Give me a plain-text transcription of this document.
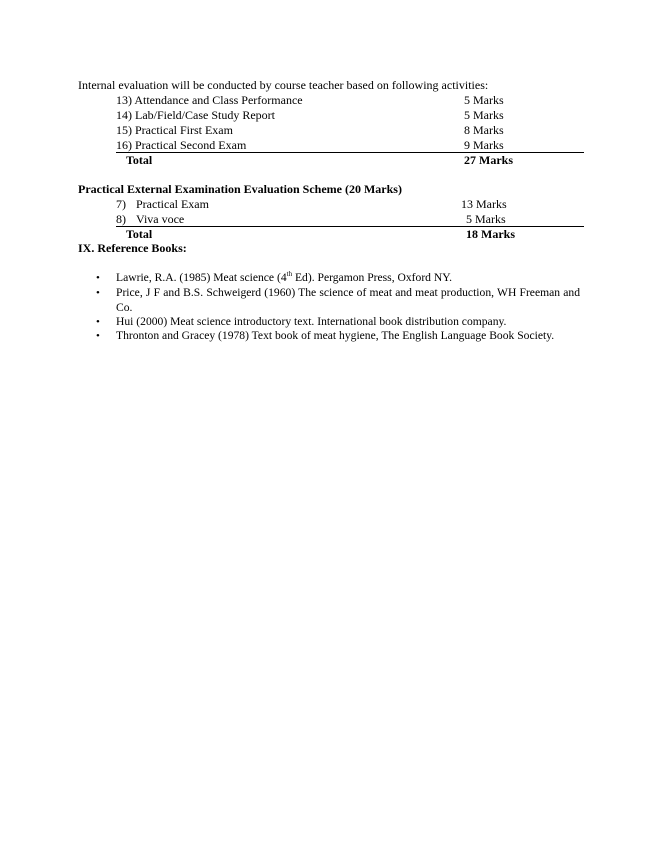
Internal evaluation will be conducted by course teacher based on following activities:
13) Attendance and Class Performance	5 Marks
14) Lab/Field/Case Study Report	5 Marks
15) Practical First Exam	8 Marks
16) Practical Second Exam	9 Marks
Total	27 Marks
Practical External Examination Evaluation Scheme (20 Marks)
7) Practical Exam	13 Marks
8) Viva voce	5 Marks
Total	18 Marks
IX. Reference Books:
• Lawrie, R.A. (1985) Meat science (4th Ed). Pergamon Press, Oxford NY.
• Price, J F and B.S. Schweigerd (1960) The science of meat and meat production, WH Freeman and Co.
• Hui (2000) Meat science introductory text. International book distribution company.
• Thronton and Gracey (1978) Text book of meat hygiene, The English Language Book Society.
